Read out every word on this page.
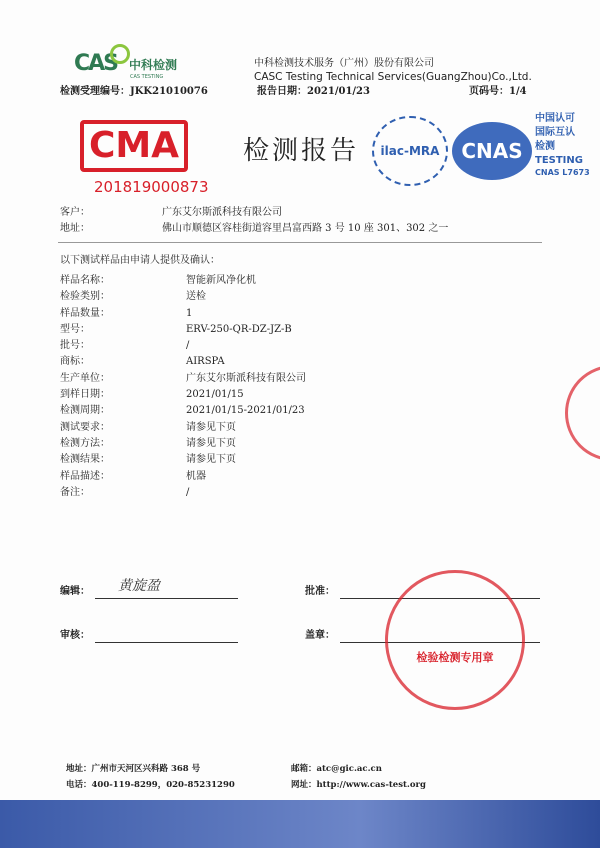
CAS 中科检测
CAS TESTING
检测受理编号：JKK21010076
中科检测技术服务（广州）股份有限公司
CASC Testing Technical Services(GuangZhou)Co.,Ltd.
报告日期：2021/01/23	页码号：1/4
CMA
201819000873
检测报告	ilac-MRA	CNAS
中国认可
国际互认
检测
TESTING
CNAS L7673
客户：	广东艾尔斯派科技有限公司
地址：	佛山市顺德区容桂街道容里昌富西路 3 号 10 座 301、302 之一
以下测试样品由申请人提供及确认：
样品名称：	智能新风净化机
检验类别：	送检
样品数量：	1
型号：	ERV-250-QR-DZ-JZ-B
批号：	/
商标：	AIRSPA
生产单位：	广东艾尔斯派科技有限公司
到样日期：	2021/01/15
检测周期：	2021/01/15-2021/01/23
测试要求：	请参见下页
检测方法：	请参见下页
检测结果：	请参见下页
样品描述：	机器
备注：	/
编辑： 黄旋盈	批准：
审核：	盖章：
检验检测专用章
地址：广州市天河区兴科路 368 号
电话：400-119-8299，020-85231290
邮箱：atc@gic.ac.cn
网址：http://www.cas-test.org
